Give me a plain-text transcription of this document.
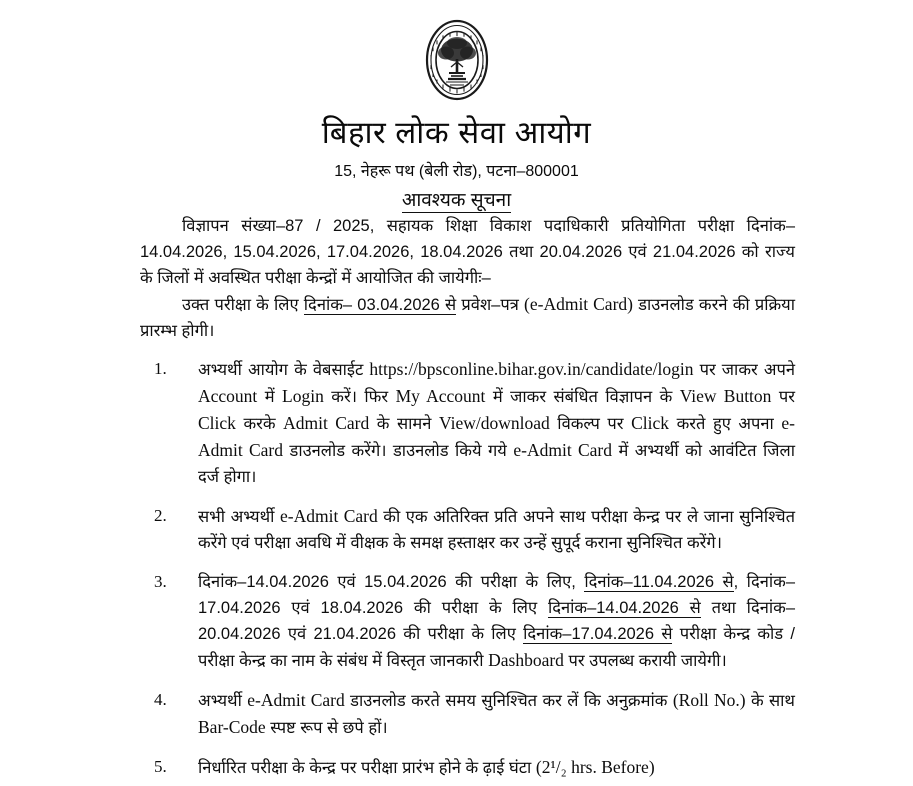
बिहार लोक सेवा आयोग
15, नेहरू पथ (बेली रोड), पटना–800001
आवश्यक सूचना

विज्ञापन संख्या–87 / 2025, सहायक शिक्षा विकाश पदाधिकारी प्रतियोगिता परीक्षा दिनांक–14.04.2026, 15.04.2026, 17.04.2026, 18.04.2026 तथा 20.04.2026 एवं 21.04.2026 को राज्य के जिलों में अवस्थित परीक्षा केन्द्रों में आयोजित की जायेगीः–

उक्त परीक्षा के लिए दिनांक– 03.04.2026 से प्रवेश–पत्र (e-Admit Card) डाउनलोड करने की प्रक्रिया प्रारम्भ होगी।

1. अभ्यर्थी आयोग के वेबसाईट https://bpsconline.bihar.gov.in/candidate/login पर जाकर अपने Account में Login करें। फिर My Account में जाकर संबंधित विज्ञापन के View Button पर Click करके Admit Card के सामने View/download विकल्प पर Click करते हुए अपना e-Admit Card डाउनलोड करेंगे। डाउनलोड किये गये e-Admit Card में अभ्यर्थी को आवंटित जिला दर्ज होगा।
2. सभी अभ्यर्थी e-Admit Card की एक अतिरिक्त प्रति अपने साथ परीक्षा केन्द्र पर ले जाना सुनिश्चित करेंगे एवं परीक्षा अवधि में वीक्षक के समक्ष हस्ताक्षर कर उन्हें सुपूर्द कराना सुनिश्चित करेंगे।
3. दिनांक–14.04.2026 एवं 15.04.2026 की परीक्षा के लिए, दिनांक–11.04.2026 से, दिनांक–17.04.2026 एवं 18.04.2026 की परीक्षा के लिए दिनांक–14.04.2026 से तथा दिनांक–20.04.2026 एवं 21.04.2026 की परीक्षा के लिए दिनांक–17.04.2026 से परीक्षा केन्द्र कोड / परीक्षा केन्द्र का नाम के संबंध में विस्तृत जानकारी Dashboard पर उपलब्ध करायी जायेगी।
4. अभ्यर्थी e-Admit Card डाउनलोड करते समय सुनिश्चित कर लें कि अनुक्रमांक (Roll No.) के साथ Bar-Code स्पष्ट रूप से छपे हों।
5. निर्धारित परीक्षा के केन्द्र पर परीक्षा प्रारंभ होने के ढ़ाई घंटा (2¹/₂ hrs. Before)
